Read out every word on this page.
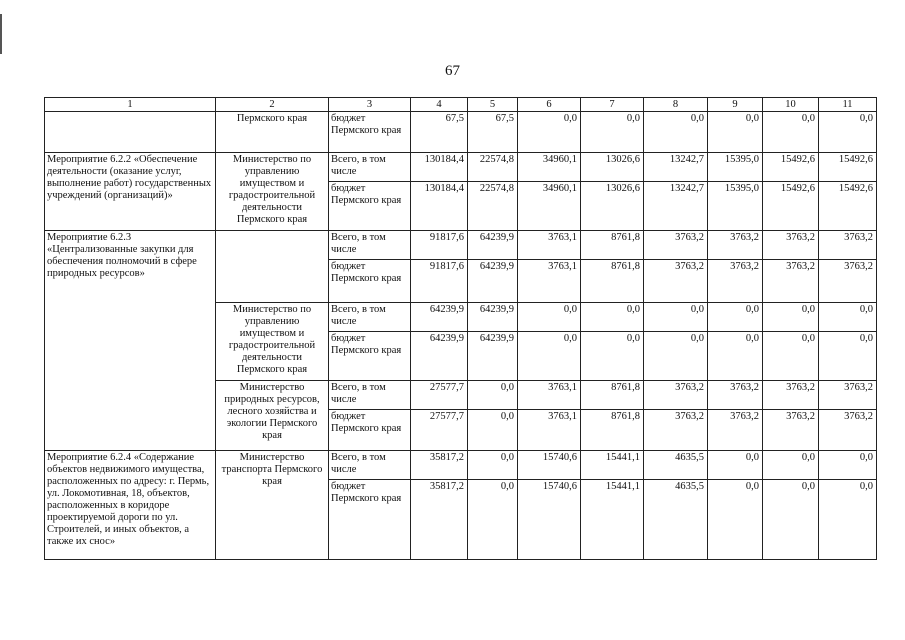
67
1	2	3	4	5	6	7	8	9	10	11
	Пермского края	бюджет Пермского края	67,5	67,5	0,0	0,0	0,0	0,0	0,0	0,0
Мероприятие 6.2.2 «Обеспечение деятельности (оказание услуг, выполнение работ) государственных учреждений (организаций)»	Министерство по управлению имуществом и градостроительной деятельности Пермского края	Всего, в том числе	130184,4	22574,8	34960,1	13026,6	13242,7	15395,0	15492,6	15492,6
		бюджет Пермского края	130184,4	22574,8	34960,1	13026,6	13242,7	15395,0	15492,6	15492,6
Мероприятие 6.2.3 «Централизованные закупки для обеспечения полномочий в сфере природных ресурсов»		Всего, в том числе	91817,6	64239,9	3763,1	8761,8	3763,2	3763,2	3763,2	3763,2
		бюджет Пермского края	91817,6	64239,9	3763,1	8761,8	3763,2	3763,2	3763,2	3763,2
	Министерство по управлению имуществом и градостроительной деятельности Пермского края	Всего, в том числе	64239,9	64239,9	0,0	0,0	0,0	0,0	0,0	0,0
		бюджет Пермского края	64239,9	64239,9	0,0	0,0	0,0	0,0	0,0	0,0
	Министерство природных ресурсов, лесного хозяйства и экологии Пермского края	Всего, в том числе	27577,7	0,0	3763,1	8761,8	3763,2	3763,2	3763,2	3763,2
		бюджет Пермского края	27577,7	0,0	3763,1	8761,8	3763,2	3763,2	3763,2	3763,2
Мероприятие 6.2.4 «Содержание объектов недвижимого имущества, расположенных по адресу: г. Пермь, ул. Локомотивная, 18, объектов, расположенных в коридоре проектируемой дороги по ул. Строителей, и иных объектов, а также их снос»	Министерство транспорта Пермского края	Всего, в том числе	35817,2	0,0	15740,6	15441,1	4635,5	0,0	0,0	0,0
		бюджет Пермского края	35817,2	0,0	15740,6	15441,1	4635,5	0,0	0,0	0,0
